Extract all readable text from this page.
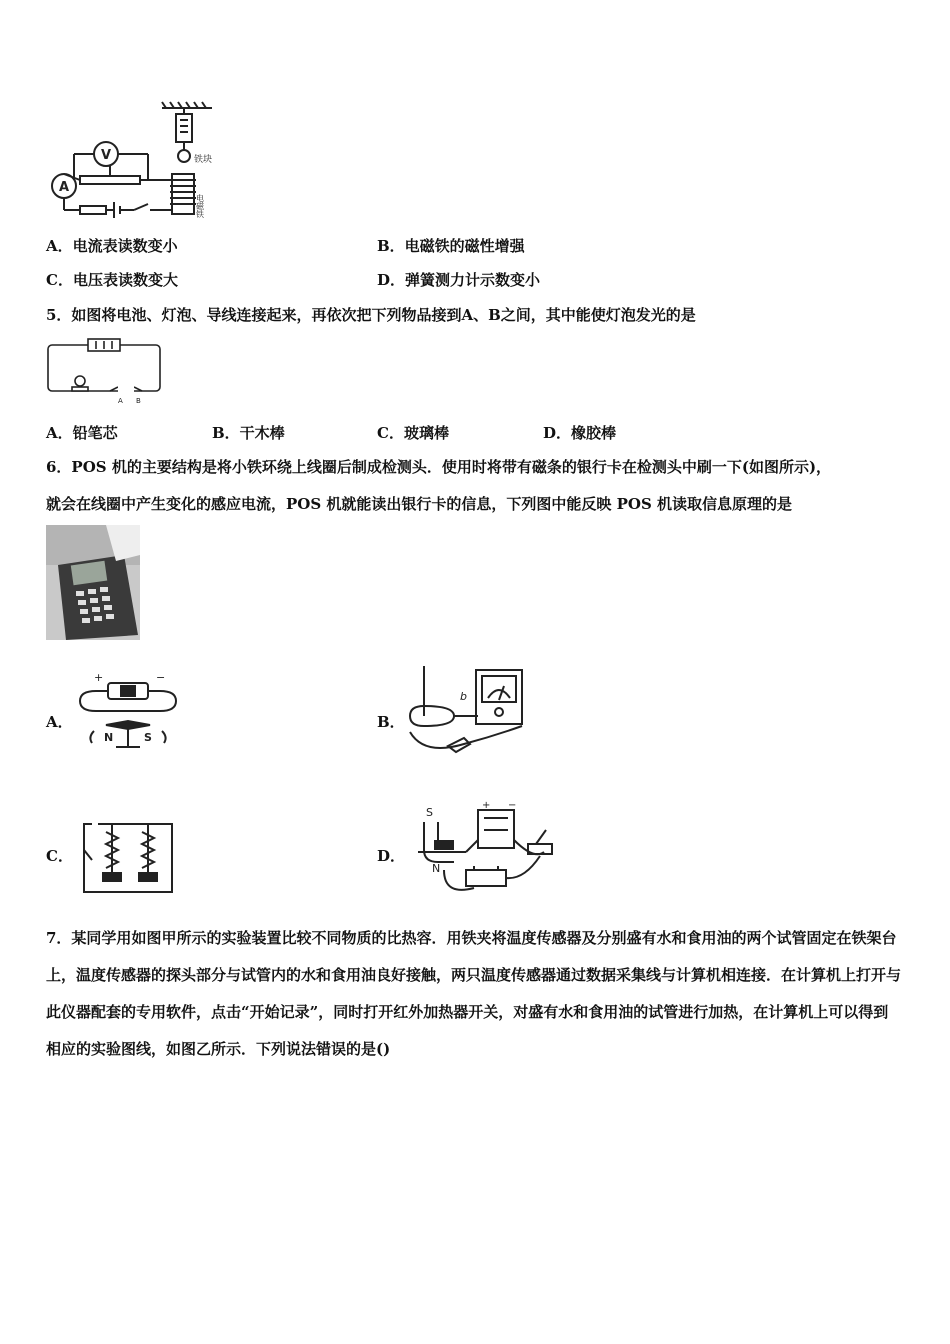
V
A
铁块
电磁铁
A．电流表读数变小	B．电磁铁的磁性增强
C．电压表读数变大	D．弹簧测力计示数变小
5．如图将电池、灯泡、导线连接起来，再依次把下列物品接到A、B之间，其中能使灯泡发光的是
A B
A．铅笔芯	B．干木棒	C．玻璃棒	D．橡胶棒
6．POS 机的主要结构是将小铁环绕上线圈后制成检测头．使用时将带有磁条的银行卡在检测头中刷一下(如图所示)，
就会在线圈中产生变化的感应电流，POS 机就能读出银行卡的信息，下列图中能反映 POS 机读取信息原理的是
A．
+	−
N	S
B．
b
C．	D．
S
N
+ −
7．某同学用如图甲所示的实验装置比较不同物质的比热容．用铁夹将温度传感器及分别盛有水和食用油的两个试管固定在铁架台上，温度传感器的探头部分与试管内的水和食用油良好接触，两只温度传感器通过数据采集线与计算机相连接．在计算机上打开与此仪器配套的专用软件，点击“开始记录”，同时打开红外加热器开关，对盛有水和食用油的试管进行加热，在计算机上可以得到相应的实验图线，如图乙所示．下列说法错误的是()
